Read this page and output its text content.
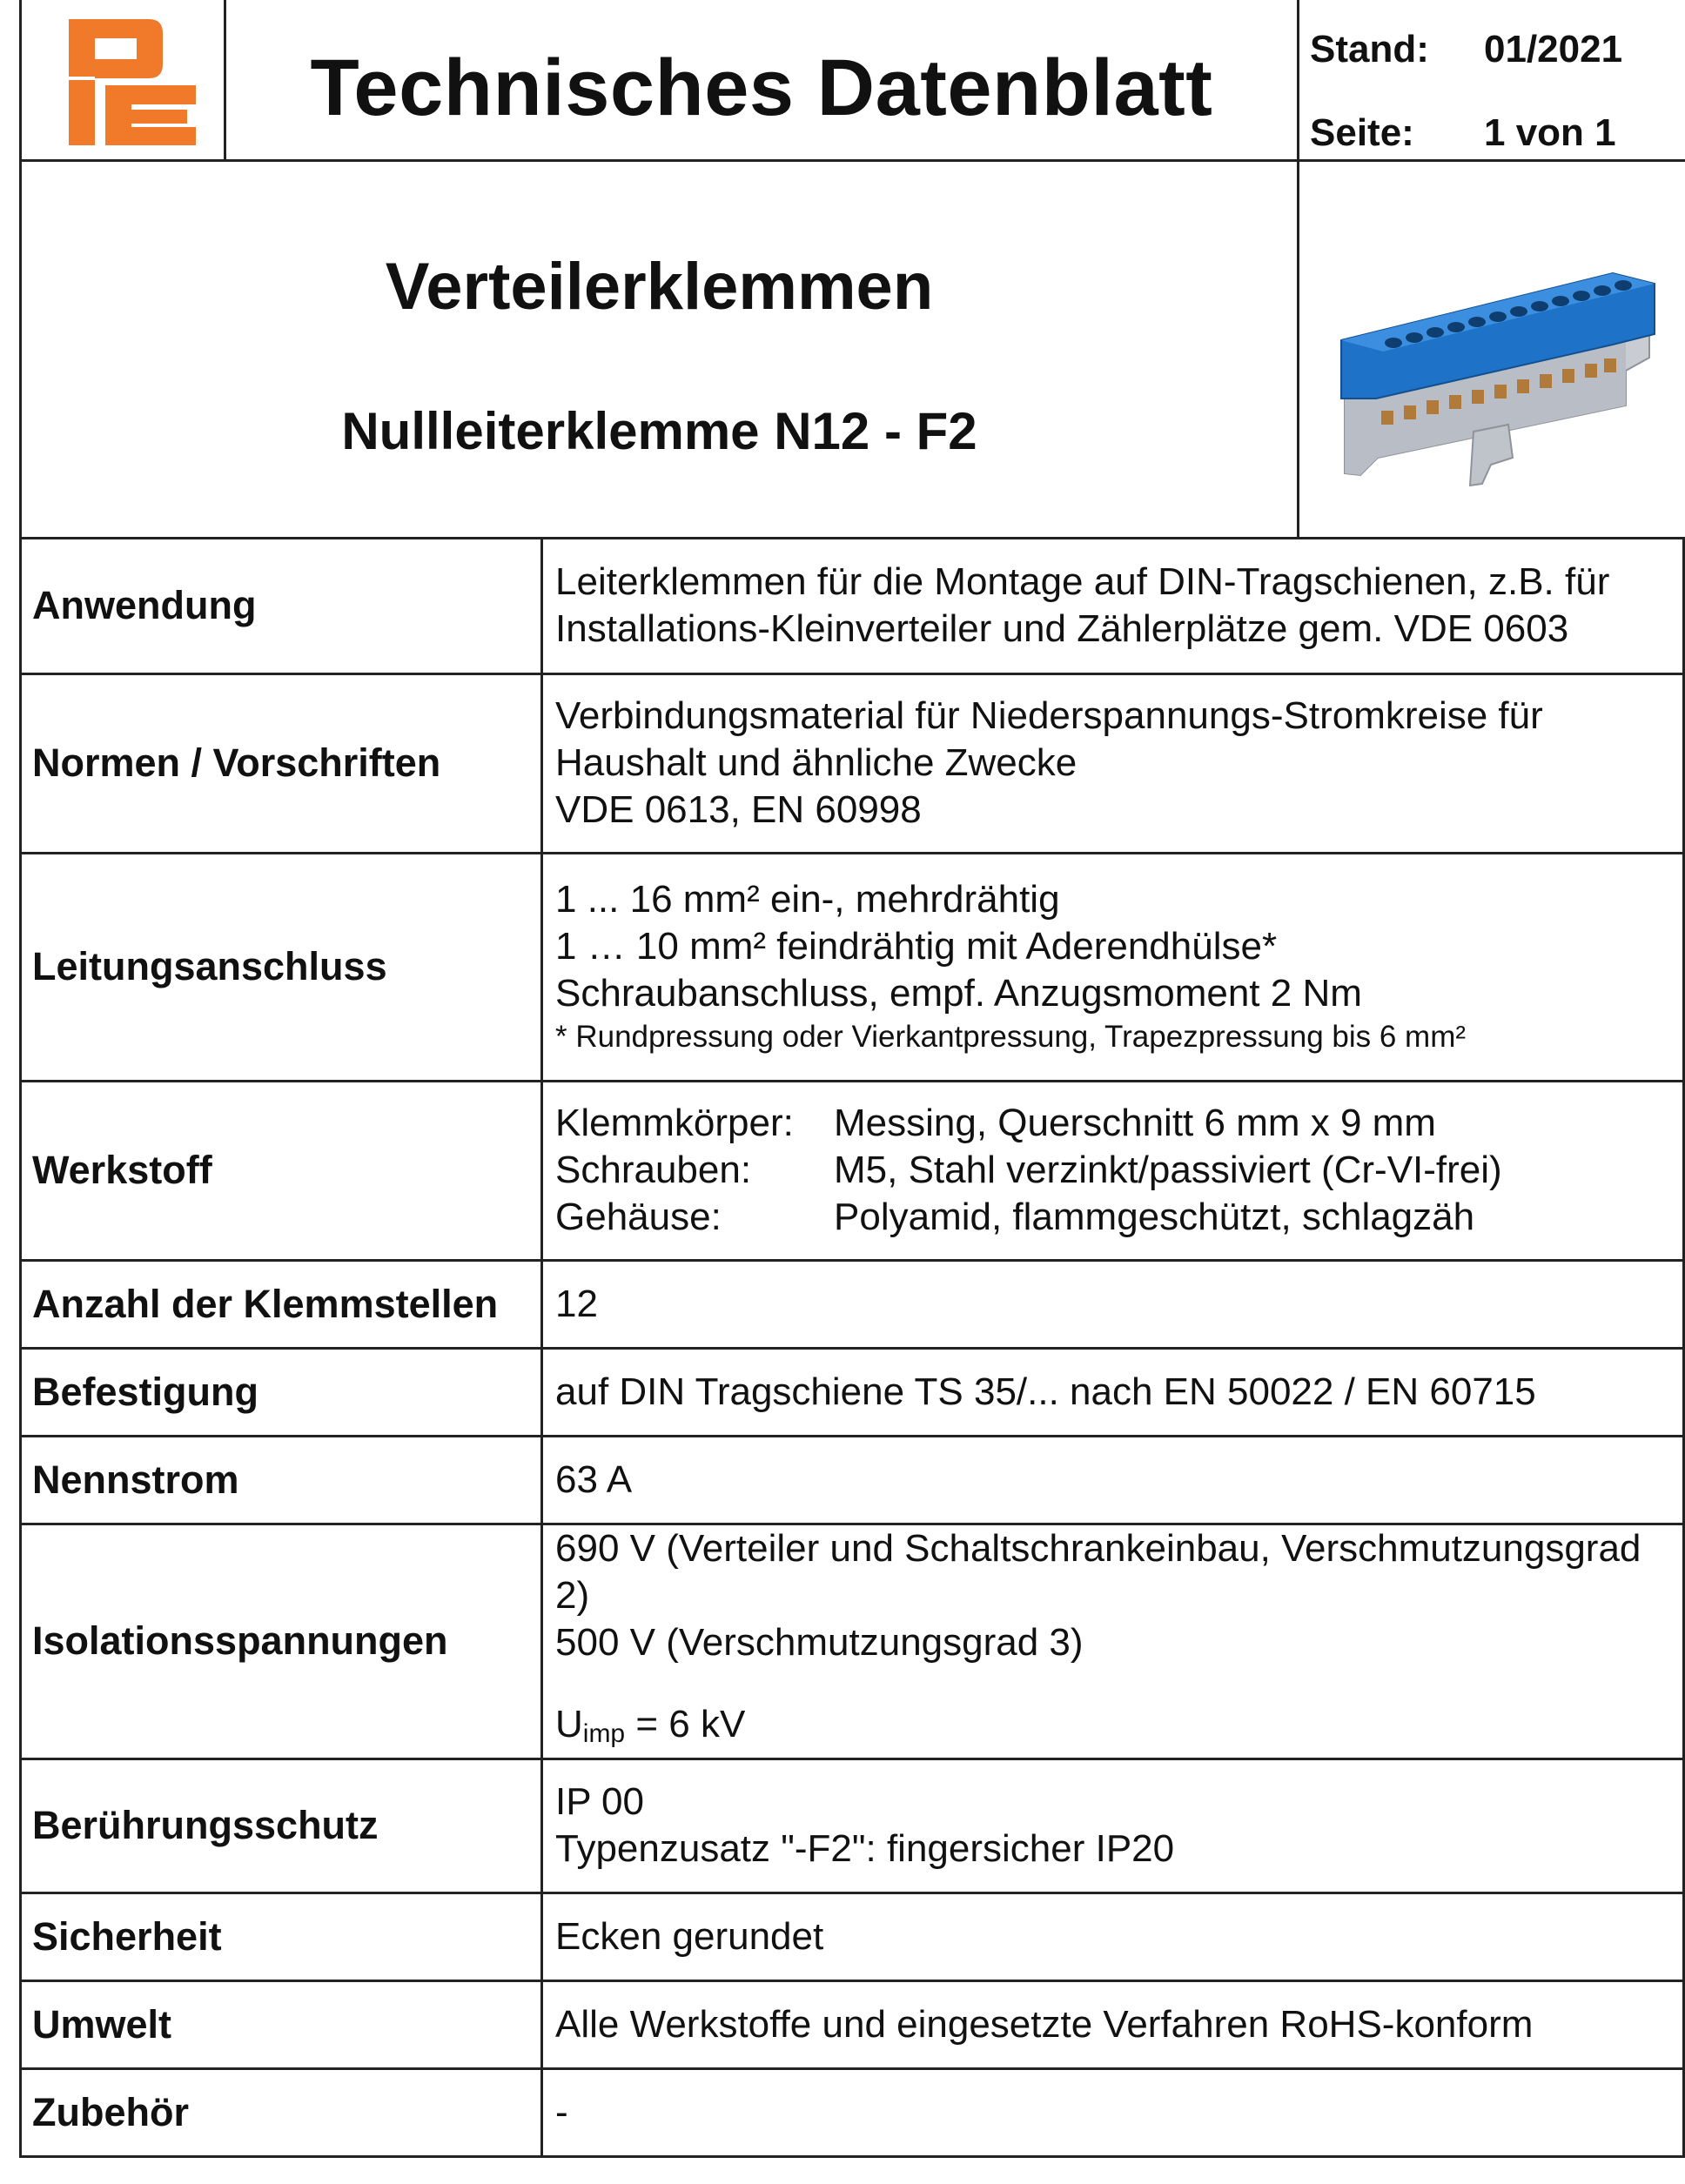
Technisches Datenblatt	Stand: 01/2021
Seite: 1 von 1
Verteilerklemmen
Nullleiterklemme N12 - F2
Anwendung	Leiterklemmen für die Montage auf DIN-Tragschienen, z.B. für
Installations-Kleinverteiler und Zählerplätze gem. VDE 0603

Normen / Vorschriften	Verbindungsmaterial für Niederspannungs-Stromkreise für
Haushalt und ähnliche Zwecke
VDE 0613, EN 60998

Leitungsanschluss	1 ... 16 mm² ein-, mehrdrähtig
1 … 10 mm² feindrähtig mit Aderendhülse*
Schraubanschluss, empf. Anzugsmoment 2 Nm
* Rundpressung oder Vierkantpressung, Trapezpressung bis 6 mm²

Werkstoff	Klemmkörper: Messing, Querschnitt 6 mm x 9 mm
Schrauben: M5, Stahl verzinkt/passiviert (Cr-VI-frei)
Gehäuse: Polyamid, flammgeschützt, schlagzäh

Anzahl der Klemmstellen	12
Befestigung	auf DIN Tragschiene TS 35/... nach EN 50022 / EN 60715
Nennstrom	63 A
Isolationsspannungen	690 V (Verteiler und Schaltschrankeinbau, Verschmutzungsgrad 2)
500 V (Verschmutzungsgrad 3)
$U_{imp} = 6$ kV

Berührungsschutz	IP 00
Typenzusatz "-F2": fingersicher IP20

Sicherheit	Ecken gerundet
Umwelt	Alle Werkstoffe und eingesetzte Verfahren RoHS-konform
Zubehör	-
